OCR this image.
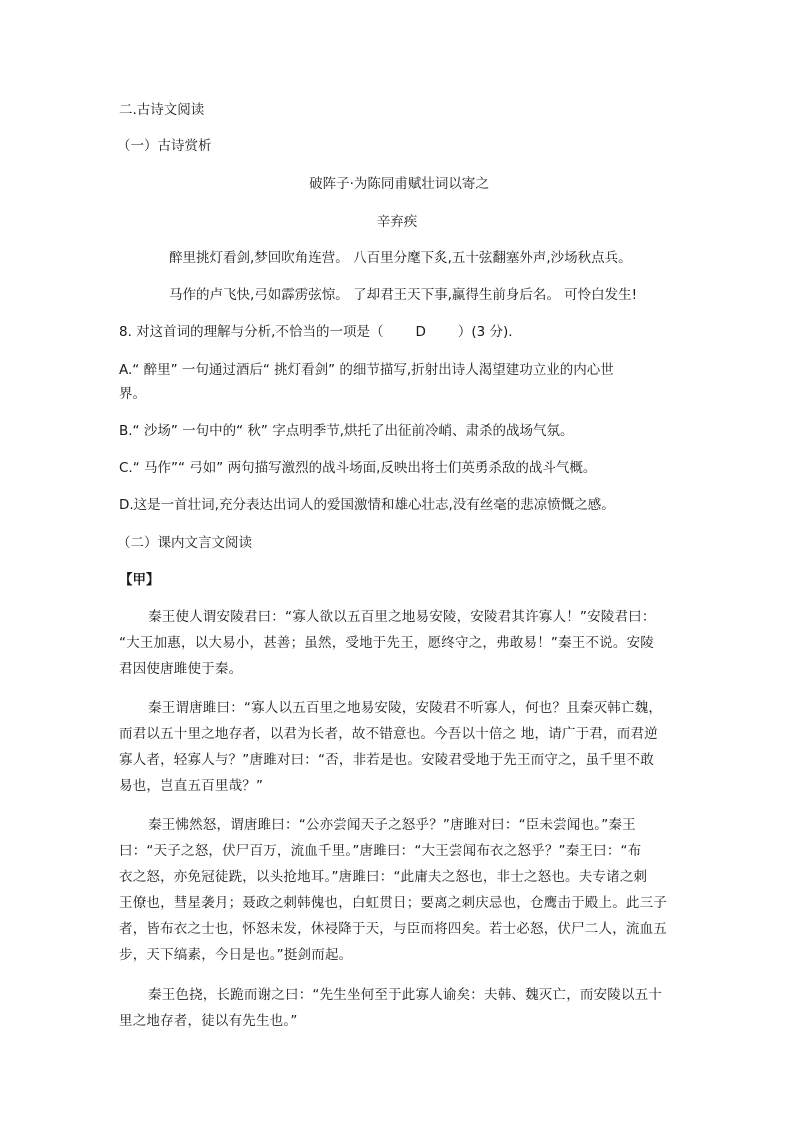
二.古诗文阅读
（一）古诗赏析
破阵子·为陈同甫赋壮词以寄之
辛弃疾
醉里挑灯看剑,梦回吹角连营。 八百里分麾下炙,五十弦翻塞外声,沙场秋点兵。
马作的卢飞快,弓如霹雳弦惊。 了却君王天下事,赢得生前身后名。 可怜白发生!
8. 对这首词的理解与分析,不恰当的一项是（ D ）(3 分).
A.“ 醉里” 一句通过酒后“ 挑灯看剑” 的细节描写,折射出诗人渴望建功立业的内心世
界。
B.“ 沙场” 一句中的“ 秋” 字点明季节,烘托了出征前冷峭、肃杀的战场气氛。
C.“ 马作”“ 弓如” 两句描写激烈的战斗场面,反映出将士们英勇杀敌的战斗气概。
D.这是一首壮词,充分表达出词人的爱国激情和雄心壮志,没有丝毫的悲凉愤慨之感。
（二）课内文言文阅读
【甲】
秦王使人谓安陵君曰：“寡人欲以五百里之地易安陵，安陵君其许寡人！”安陵君曰：
“大王加惠，以大易小，甚善；虽然，受地于先王，愿终守之，弗敢易！”秦王不说。安陵
君因使唐雎使于秦。
秦王谓唐雎曰：“寡人以五百里之地易安陵，安陵君不听寡人，何也？且秦灭韩亡魏，
而君以五十里之地存者，以君为长者，故不错意也。今吾以十倍之 地，请广于君，而君逆
寡人者，轻寡人与？”唐雎对曰：“否，非若是也。安陵君受地于先王而守之，虽千里不敢
易也，岂直五百里哉？”
秦王怫然怒，谓唐雎曰：“公亦尝闻天子之怒乎？”唐雎对曰：“臣未尝闻也。”秦王
曰：“天子之怒，伏尸百万，流血千里。”唐雎曰：“大王尝闻布衣之怒乎？”秦王曰：“布
衣之怒，亦免冠徒跣，以头抢地耳。”唐雎曰：“此庸夫之怒也，非士之怒也。夫专诸之刺
王僚也，彗星袭月；聂政之刺韩傀也，白虹贯日；要离之刺庆忌也，仓鹰击于殿上。此三子
者，皆布衣之士也，怀怒未发，休祲降于天，与臣而将四矣。若士必怒，伏尸二人，流血五
步，天下缟素，今日是也。”挺剑而起。
秦王色挠，长跪而谢之曰：“先生坐何至于此寡人谕矣：夫韩、魏灭亡，而安陵以五十
里之地存者，徒以有先生也。”
